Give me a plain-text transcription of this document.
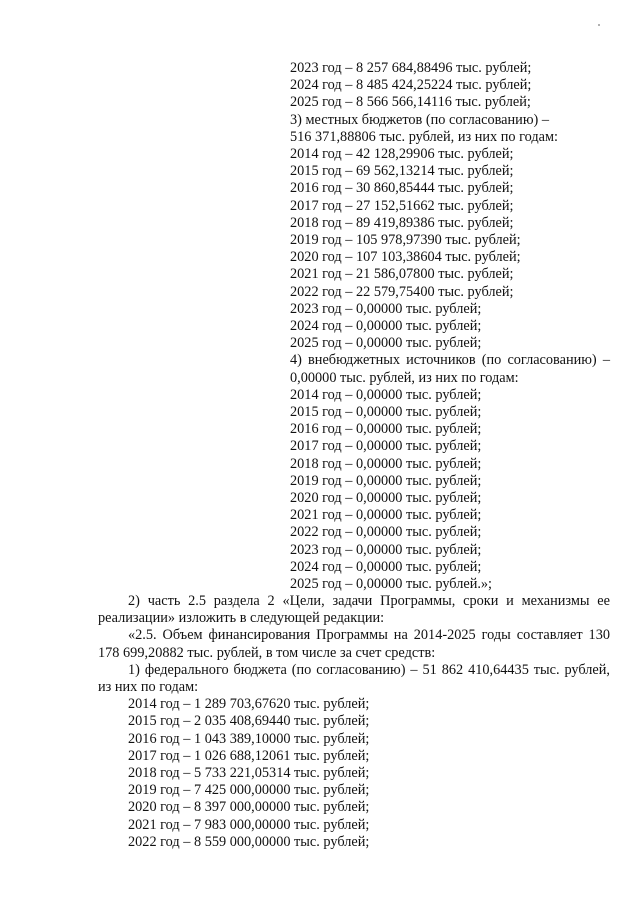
2023 год – 8 257 684,88496 тыс. рублей;
2024 год – 8 485 424,25224 тыс. рублей;
2025 год – 8 566 566,14116 тыс. рублей;
3) местных бюджетов (по согласованию) –
516 371,88806 тыс. рублей, из них по годам:
2014 год – 42 128,29906 тыс. рублей;
2015 год – 69 562,13214 тыс. рублей;
2016 год – 30 860,85444 тыс. рублей;
2017 год – 27 152,51662 тыс. рублей;
2018 год – 89 419,89386 тыс. рублей;
2019 год – 105 978,97390 тыс. рублей;
2020 год – 107 103,38604 тыс. рублей;
2021 год – 21 586,07800 тыс. рублей;
2022 год – 22 579,75400 тыс. рублей;
2023 год – 0,00000 тыс. рублей;
2024 год – 0,00000 тыс. рублей;
2025 год – 0,00000 тыс. рублей;
4) внебюджетных источников (по согласованию) – 0,00000 тыс. рублей, из них по годам:
2014 год – 0,00000 тыс. рублей;
2015 год – 0,00000 тыс. рублей;
2016 год – 0,00000 тыс. рублей;
2017 год – 0,00000 тыс. рублей;
2018 год – 0,00000 тыс. рублей;
2019 год – 0,00000 тыс. рублей;
2020 год – 0,00000 тыс. рублей;
2021 год – 0,00000 тыс. рублей;
2022 год – 0,00000 тыс. рублей;
2023 год – 0,00000 тыс. рублей;
2024 год – 0,00000 тыс. рублей;
2025 год – 0,00000 тыс. рублей.»;
2) часть 2.5 раздела 2 «Цели, задачи Программы, сроки и механизмы ее реализации» изложить в следующей редакции:
«2.5. Объем финансирования Программы на 2014-2025 годы составляет 130 178 699,20882 тыс. рублей, в том числе за счет средств:
1) федерального бюджета (по согласованию) – 51 862 410,64435 тыс. рублей, из них по годам:
2014 год – 1 289 703,67620 тыс. рублей;
2015 год – 2 035 408,69440 тыс. рублей;
2016 год – 1 043 389,10000 тыс. рублей;
2017 год – 1 026 688,12061 тыс. рублей;
2018 год – 5 733 221,05314 тыс. рублей;
2019 год – 7 425 000,00000 тыс. рублей;
2020 год – 8 397 000,00000 тыс. рублей;
2021 год – 7 983 000,00000 тыс. рублей;
2022 год – 8 559 000,00000 тыс. рублей;
